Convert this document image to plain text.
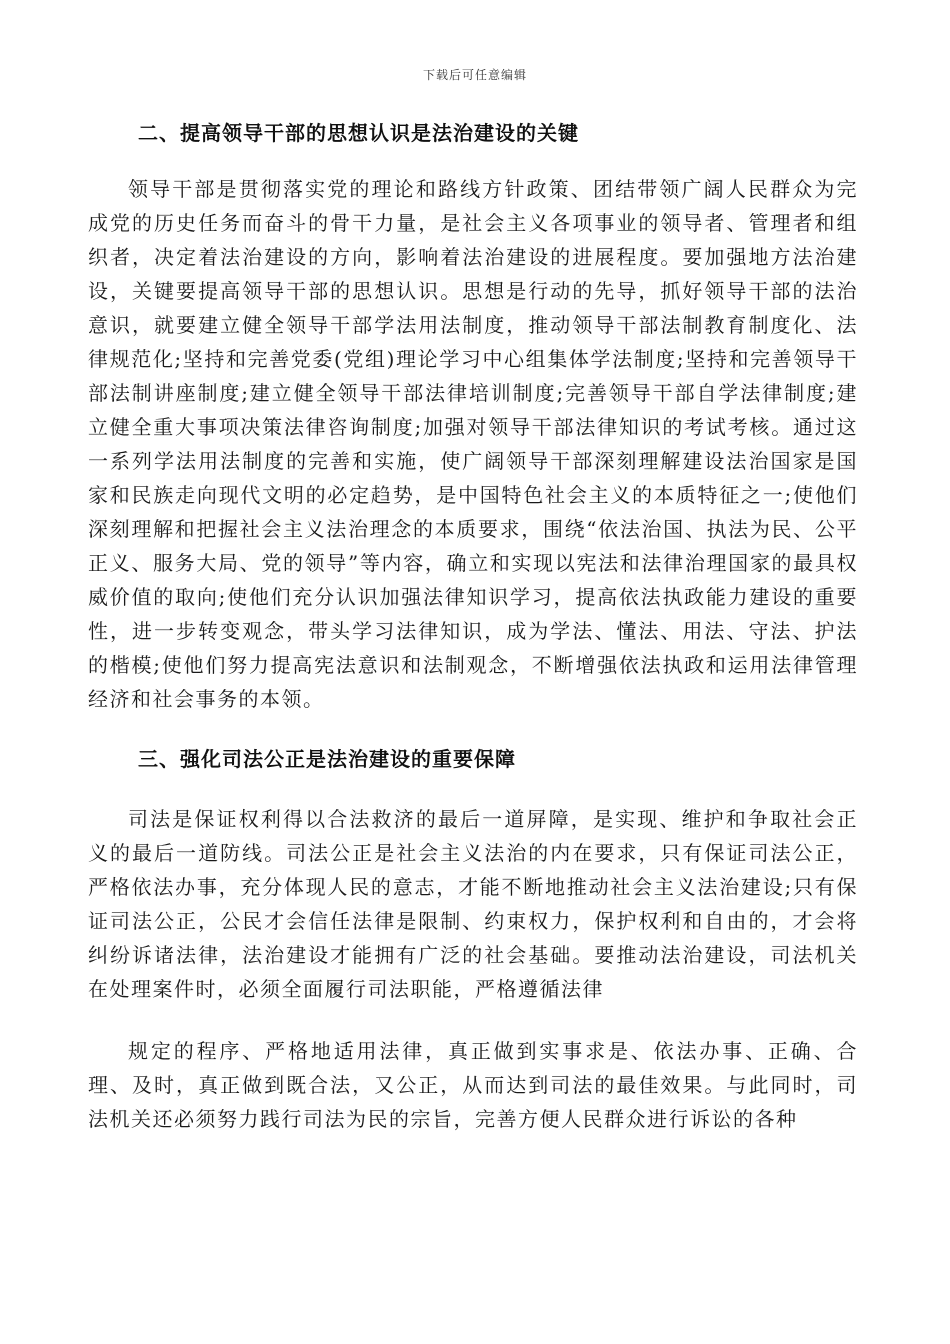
下载后可任意编辑
二、提高领导干部的思想认识是法治建设的关键

领导干部是贯彻落实党的理论和路线方针政策、团结带领广阔人民群众为完成党的历史任务而奋斗的骨干力量，是社会主义各项事业的领导者、管理者和组织者，决定着法治建设的方向，影响着法治建设的进展程度。要加强地方法治建设，关键要提高领导干部的思想认识。思想是行动的先导，抓好领导干部的法治意识，就要建立健全领导干部学法用法制度，推动领导干部法制教育制度化、法律规范化;坚持和完善党委(党组)理论学习中心组集体学法制度;坚持和完善领导干部法制讲座制度;建立健全领导干部法律培训制度;完善领导干部自学法律制度;建立健全重大事项决策法律咨询制度;加强对领导干部法律知识的考试考核。通过这一系列学法用法制度的完善和实施，使广阔领导干部深刻理解建设法治国家是国家和民族走向现代文明的必定趋势，是中国特色社会主义的本质特征之一;使他们深刻理解和把握社会主义法治理念的本质要求，围绕“依法治国、执法为民、公平正义、服务大局、党的领导”等内容，确立和实现以宪法和法律治理国家的最具权威价值的取向;使他们充分认识加强法律知识学习，提高依法执政能力建设的重要性，进一步转变观念，带头学习法律知识，成为学法、懂法、用法、守法、护法的楷模;使他们努力提高宪法意识和法制观念，不断增强依法执政和运用法律管理经济和社会事务的本领。

三、强化司法公正是法治建设的重要保障

司法是保证权利得以合法救济的最后一道屏障，是实现、维护和争取社会正义的最后一道防线。司法公正是社会主义法治的内在要求，只有保证司法公正，严格依法办事，充分体现人民的意志，才能不断地推动社会主义法治建设;只有保证司法公正，公民才会信任法律是限制、约束权力，保护权利和自由的，才会将纠纷诉诸法律，法治建设才能拥有广泛的社会基础。要推动法治建设，司法机关在处理案件时，必须全面履行司法职能，严格遵循法律

规定的程序、严格地适用法律，真正做到实事求是、依法办事、正确、合理、及时，真正做到既合法，又公正，从而达到司法的最佳效果。与此同时，司法机关还必须努力践行司法为民的宗旨，完善方便人民群众进行诉讼的各种
